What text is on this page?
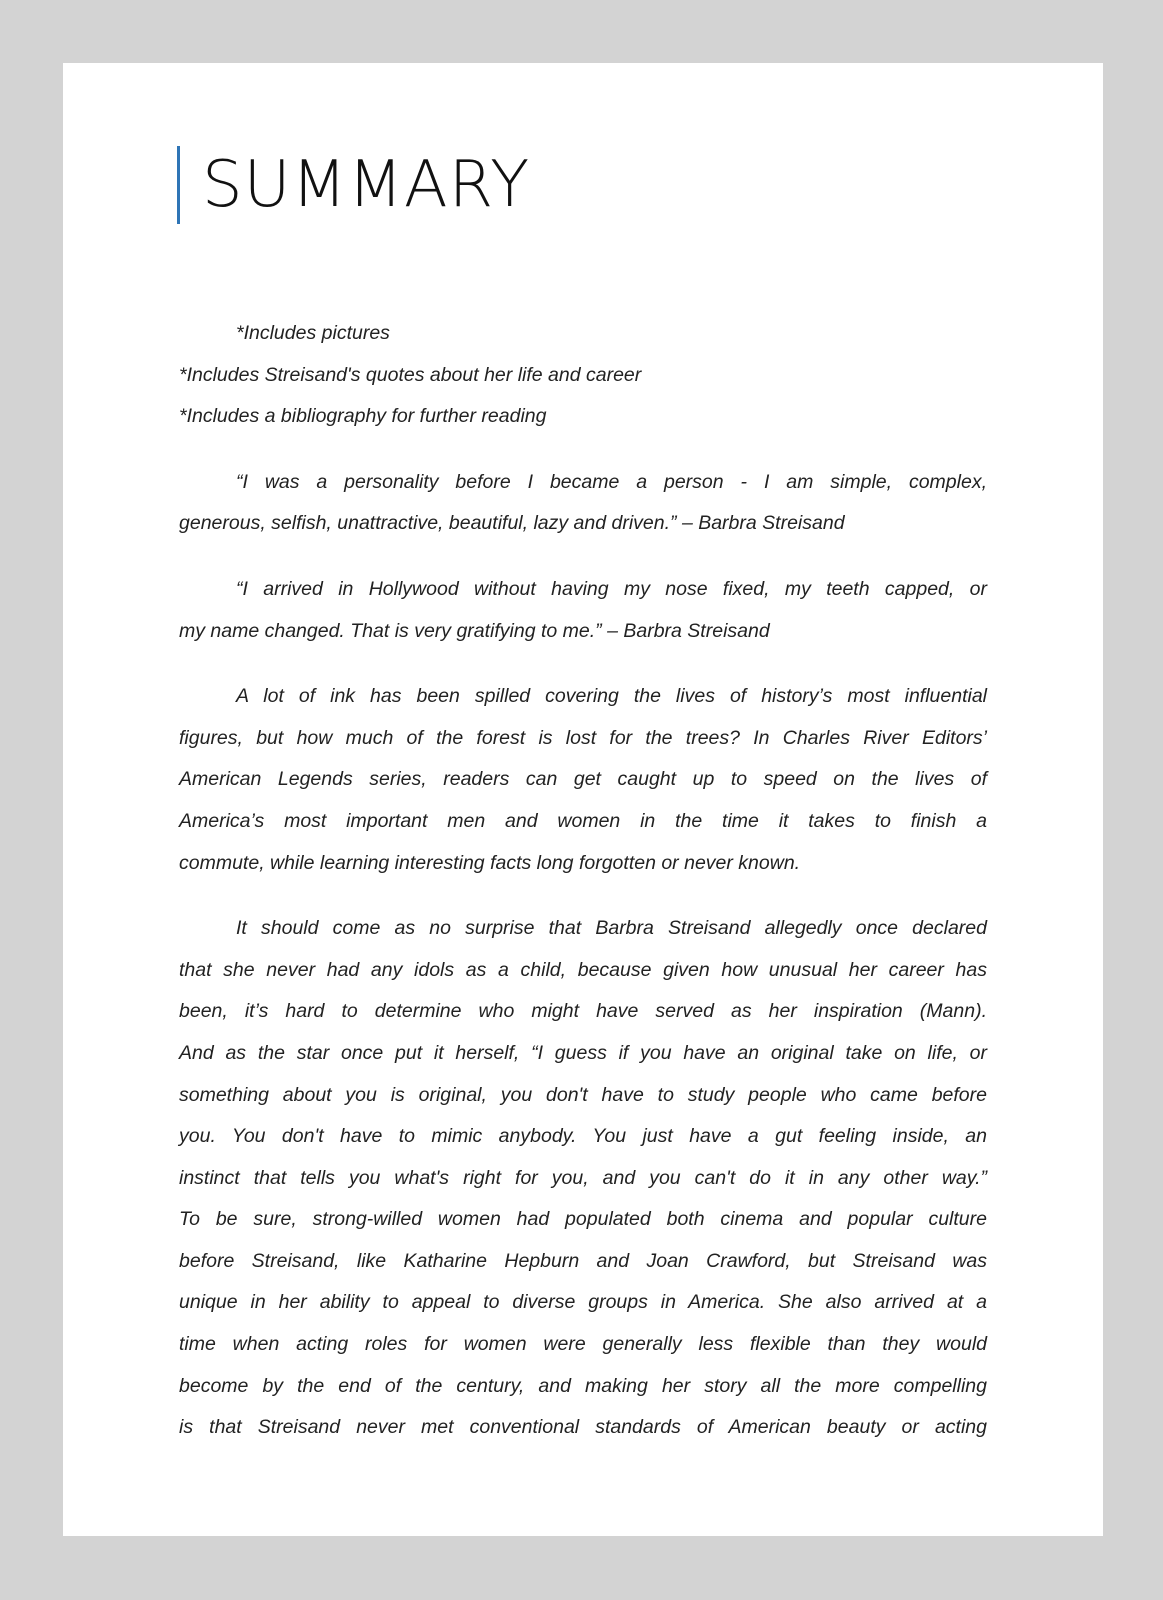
SUMMARY
*Includes pictures
*Includes Streisand's quotes about her life and career
*Includes a bibliography for further reading
“I was a personality before I became a person - I am simple, complex,
generous, selfish, unattractive, beautiful, lazy and driven.” – Barbra Streisand
“I arrived in Hollywood without having my nose fixed, my teeth capped, or
my name changed. That is very gratifying to me.” – Barbra Streisand
A lot of ink has been spilled covering the lives of history’s most influential
figures, but how much of the forest is lost for the trees? In Charles River Editors’
American Legends series, readers can get caught up to speed on the lives of
America’s most important men and women in the time it takes to finish a
commute, while learning interesting facts long forgotten or never known.
It should come as no surprise that Barbra Streisand allegedly once declared
that she never had any idols as a child, because given how unusual her career has
been, it’s hard to determine who might have served as her inspiration (Mann).
And as the star once put it herself, “I guess if you have an original take on life, or
something about you is original, you don't have to study people who came before
you. You don't have to mimic anybody. You just have a gut feeling inside, an
instinct that tells you what's right for you, and you can't do it in any other way.”
To be sure, strong-willed women had populated both cinema and popular culture
before Streisand, like Katharine Hepburn and Joan Crawford, but Streisand was
unique in her ability to appeal to diverse groups in America. She also arrived at a
time when acting roles for women were generally less flexible than they would
become by the end of the century, and making her story all the more compelling
is that Streisand never met conventional standards of American beauty or acting
